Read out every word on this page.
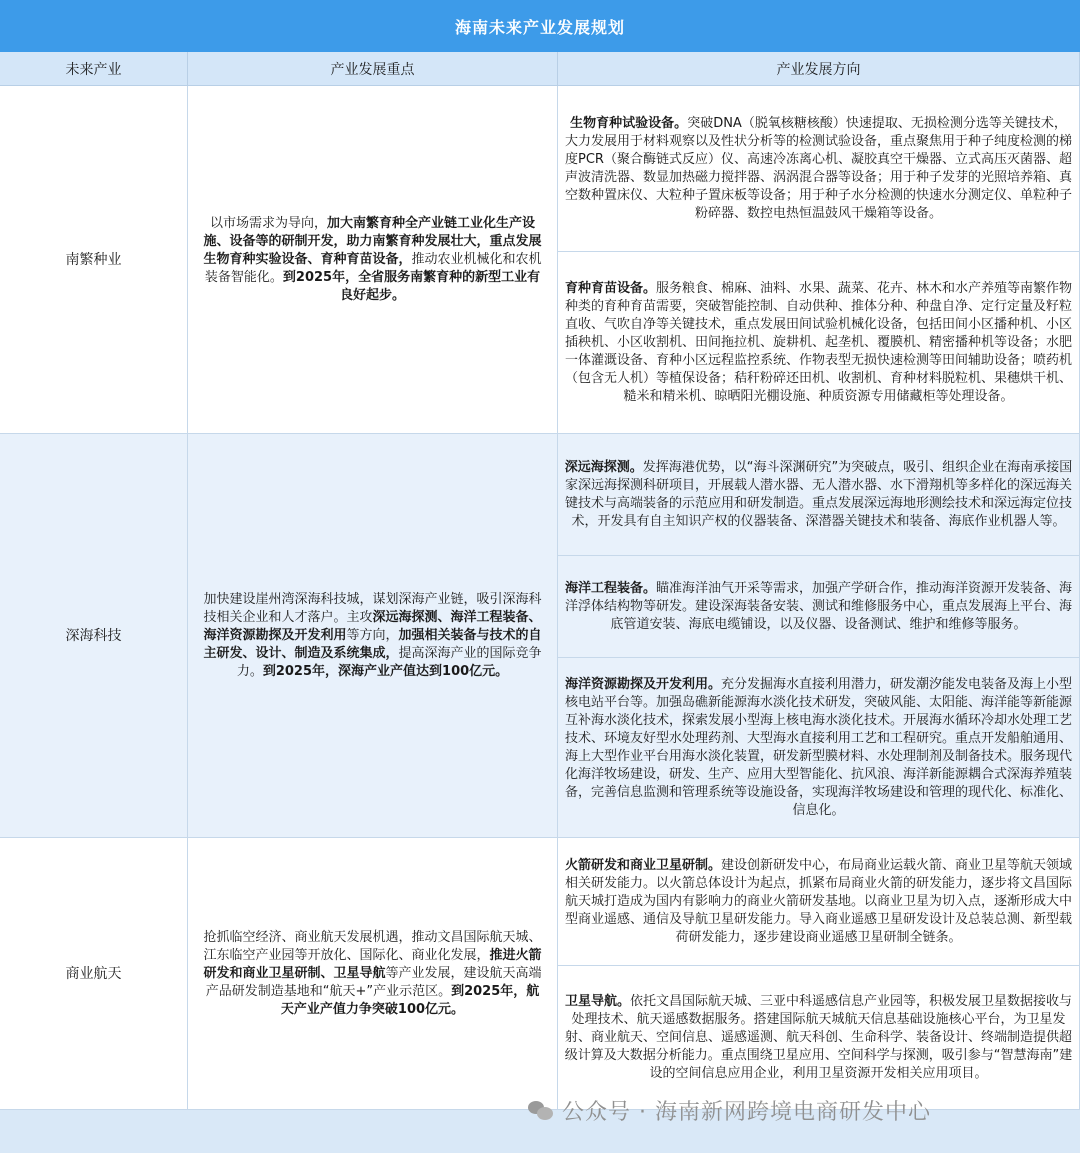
海南未来产业发展规划
未来产业	产业发展重点	产业发展方向
南繁种业

以市场需求为导向，加大南繁育种全产业链工业化生产设施、设备等的研制开发，助力南繁育种发展壮大，重点发展生物育种实验设备、育种育苗设备，推动农业机械化和农机装备智能化。到2025年，全省服务南繁育种的新型工业有良好起步。

生物育种试验设备。突破DNA（脱氧核糖核酸）快速提取、无损检测分选等关键技术，大力发展用于材料观察以及性状分析等的检测试验设备，重点聚焦用于种子纯度检测的梯度PCR（聚合酶链式反应）仪、高速冷冻离心机、凝胶真空干燥器、立式高压灭菌器、超声波清洗器、数显加热磁力搅拌器、涡涡混合器等设备；用于种子发芽的光照培养箱、真空数种置床仪、大粒种子置床板等设备；用于种子水分检测的快速水分测定仪、单粒种子粉碎器、数控电热恒温鼓风干燥箱等设备。

育种育苗设备。服务粮食、棉麻、油料、水果、蔬菜、花卉、林木和水产养殖等南繁作物种类的育种育苗需要，突破智能控制、自动供种、推体分种、种盘自净、定行定量及籽粒直收、气吹自净等关键技术，重点发展田间试验机械化设备，包括田间小区播种机、小区插秧机、小区收割机、田间拖拉机、旋耕机、起垄机、覆膜机、精密播种机等设备；水肥一体灌溉设备、育种小区远程监控系统、作物表型无损快速检测等田间辅助设备；喷药机（包含无人机）等植保设备；秸秆粉碎还田机、收割机、育种材料脱粒机、果穗烘干机、糙米和精米机、晾晒阳光棚设施、种质资源专用储藏柜等处理设备。

深海科技

加快建设崖州湾深海科技城，谋划深海产业链，吸引深海科技相关企业和人才落户。主攻深远海探测、海洋工程装备、海洋资源勘探及开发利用等方向，加强相关装备与技术的自主研发、设计、制造及系统集成，提高深海产业的国际竞争力。到2025年，深海产业产值达到100亿元。

深远海探测。发挥海港优势，以“海斗深渊研究”为突破点，吸引、组织企业在海南承接国家深远海探测科研项目，开展载人潜水器、无人潜水器、水下滑翔机等多样化的深远海关键技术与高端装备的示范应用和研发制造。重点发展深远海地形测绘技术和深远海定位技术，开发具有自主知识产权的仪器装备、深潜器关键技术和装备、海底作业机器人等。

海洋工程装备。瞄准海洋油气开采等需求，加强产学研合作，推动海洋资源开发装备、海洋浮体结构物等研发。建设深海装备安装、测试和维修服务中心，重点发展海上平台、海底管道安装、海底电缆铺设，以及仪器、设备测试、维护和维修等服务。

海洋资源勘探及开发利用。充分发掘海水直接利用潜力，研发潮汐能发电装备及海上小型核电站平台等。加强岛礁新能源海水淡化技术研发，突破风能、太阳能、海洋能等新能源互补海水淡化技术，探索发展小型海上核电海水淡化技术。开展海水循环冷却水处理工艺技术、环境友好型水处理药剂、大型海水直接利用工艺和工程研究。重点开发船舶通用、海上大型作业平台用海水淡化装置，研发新型膜材料、水处理制剂及制备技术。服务现代化海洋牧场建设，研发、生产、应用大型智能化、抗风浪、海洋新能源耦合式深海养殖装备，完善信息监测和管理系统等设施设备，实现海洋牧场建设和管理的现代化、标准化、信息化。

商业航天

抢抓临空经济、商业航天发展机遇，推动文昌国际航天城、江东临空产业园等开放化、国际化、商业化发展，推进火箭研发和商业卫星研制、卫星导航等产业发展，建设航天高端产品研发制造基地和“航天+”产业示范区。到2025年，航天产业产值力争突破100亿元。

火箭研发和商业卫星研制。建设创新研发中心，布局商业运载火箭、商业卫星等航天领域相关研发能力。以火箭总体设计为起点，抓紧布局商业火箭的研发能力，逐步将文昌国际航天城打造成为国内有影响力的商业火箭研发基地。以商业卫星为切入点，逐渐形成大中型商业遥感、通信及导航卫星研发能力。导入商业遥感卫星研发设计及总装总测、新型载荷研发能力，逐步建设商业遥感卫星研制全链条。

卫星导航。依托文昌国际航天城、三亚中科遥感信息产业园等，积极发展卫星数据接收与处理技术、航天遥感数据服务。搭建国际航天城航天信息基础设施核心平台，为卫星发射、商业航天、空间信息、遥感遥测、航天科创、生命科学、装备设计、终端制造提供超级计算及大数据分析能力。重点围绕卫星应用、空间科学与探测，吸引参与“智慧海南”建设的空间信息应用企业，利用卫星资源开发相关应用项目。

公众号 · 海南新网跨境电商研发中心
